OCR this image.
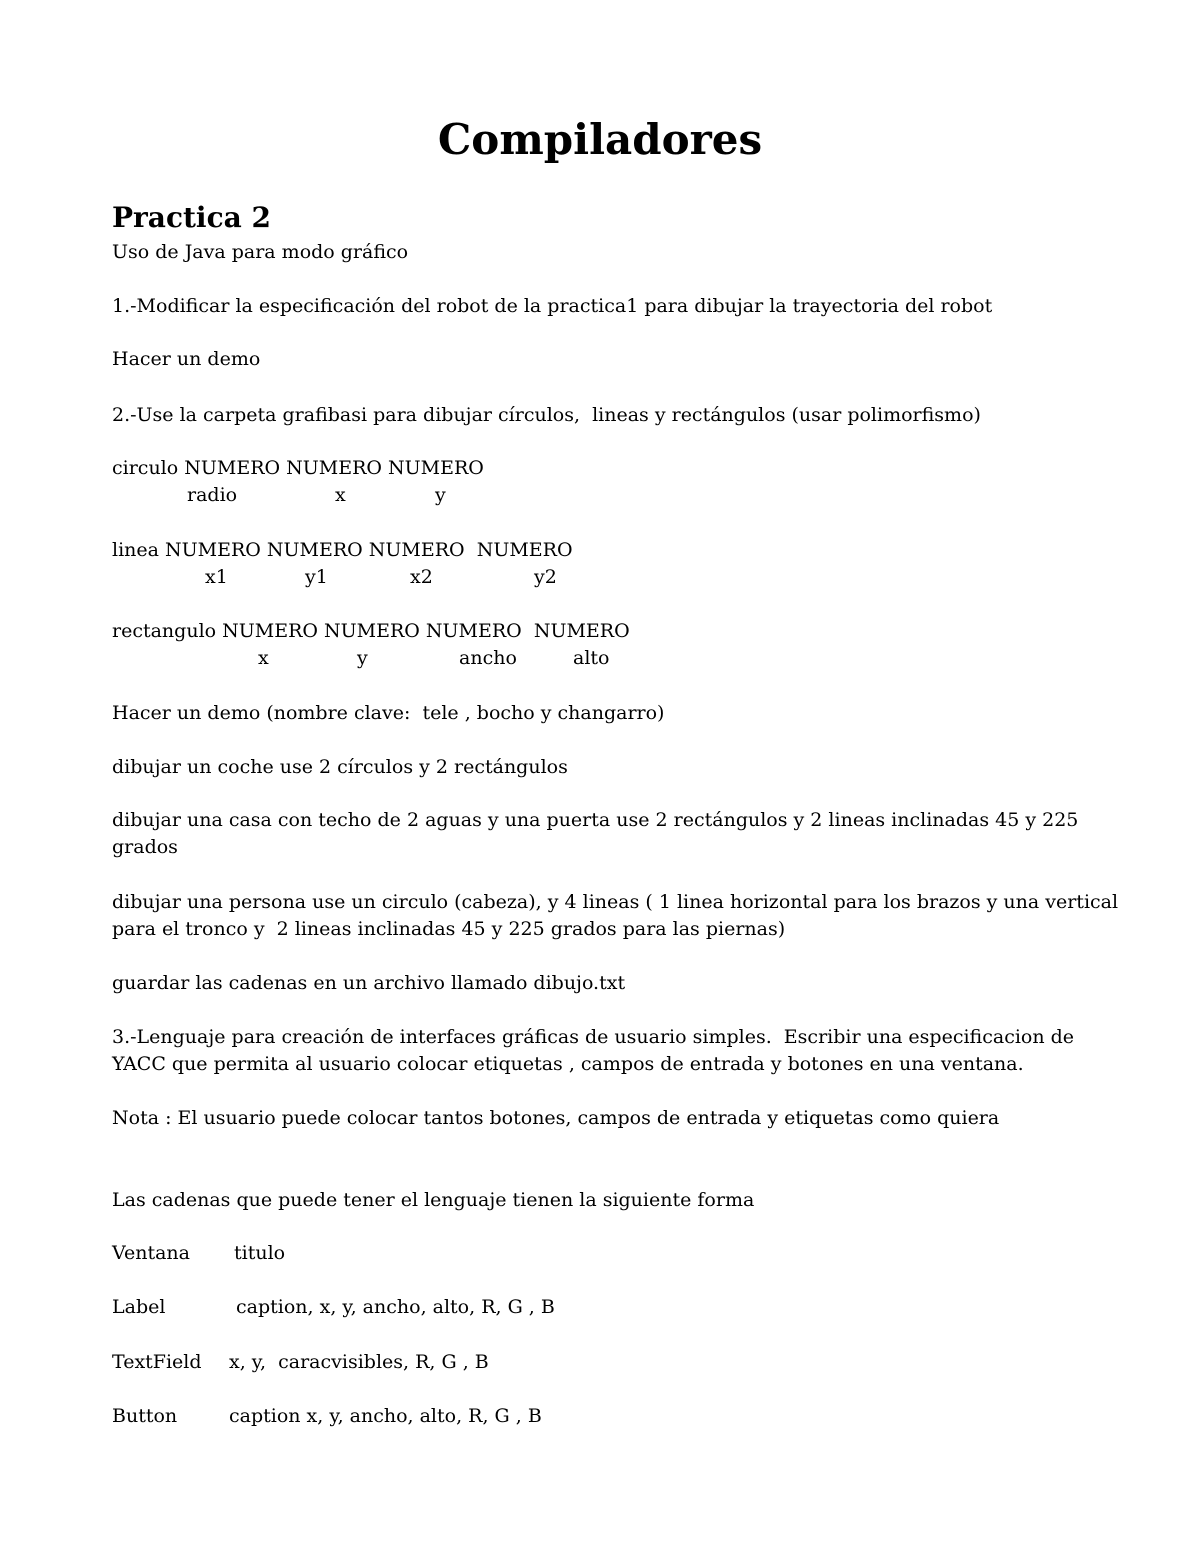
Compiladores
Practica 2
Uso de Java para modo gráfico
1.-Modificar la especificación del robot de la practica1 para dibujar la trayectoria del robot
Hacer un demo
2.-Use la carpeta grafibasi para dibujar círculos,  lineas y rectángulos (usar polimorfismo)
circulo NUMERO NUMERO NUMERO
radio	x	y
linea NUMERO NUMERO NUMERO  NUMERO
x1	y1	x2	y2
rectangulo NUMERO NUMERO NUMERO  NUMERO
x	y	ancho	alto
Hacer un demo (nombre clave:  tele , bocho y changarro)
dibujar un coche use 2 círculos y 2 rectángulos
dibujar una casa con techo de 2 aguas y una puerta use 2 rectángulos y 2 lineas inclinadas 45 y 225
grados
dibujar una persona use un circulo (cabeza), y 4 lineas ( 1 linea horizontal para los brazos y una vertical
para el tronco y  2 lineas inclinadas 45 y 225 grados para las piernas)
guardar las cadenas en un archivo llamado dibujo.txt
3.-Lenguaje para creación de interfaces gráficas de usuario simples.  Escribir una especificacion de
YACC que permita al usuario colocar etiquetas , campos de entrada y botones en una ventana.
Nota : El usuario puede colocar tantos botones, campos de entrada y etiquetas como quiera
Las cadenas que puede tener el lenguaje tienen la siguiente forma
Ventana titulo
Label	caption, x, y, ancho, alto, R, G , B
TextField x, y,  caracvisibles, R, G , B
Button	caption x, y, ancho, alto, R, G , B
